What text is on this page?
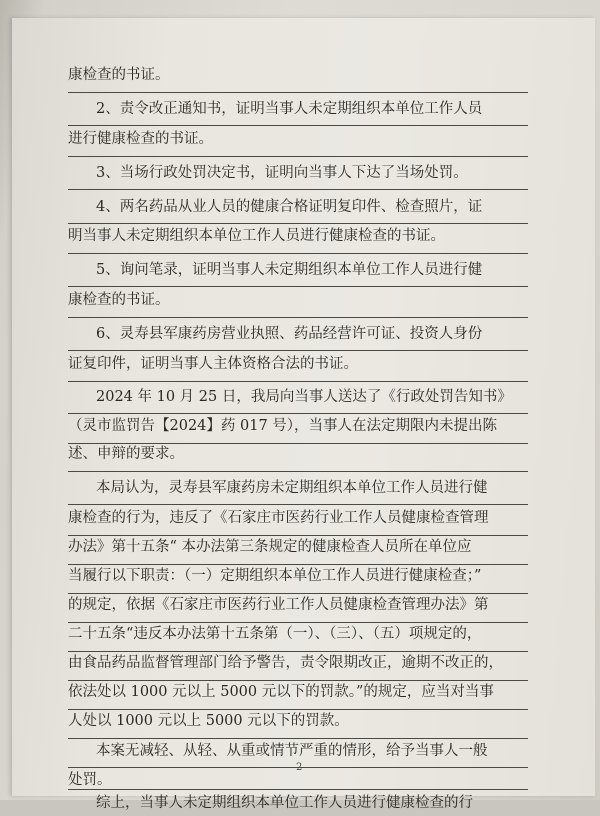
康检查的书证。
2、责令改正通知书，证明当事人未定期组织本单位工作人员
进行健康检查的书证。
3、当场行政处罚决定书，证明向当事人下达了当场处罚。
4、两名药品从业人员的健康合格证明复印件、检查照片，证
明当事人未定期组织本单位工作人员进行健康检查的书证。
5、询问笔录，证明当事人未定期组织本单位工作人员进行健
康检查的书证。
6、灵寿县军康药房营业执照、药品经营许可证、投资人身份
证复印件，证明当事人主体资格合法的书证。
2024 年 10 月 25 日，我局向当事人送达了《行政处罚告知书》
（灵市监罚告【2024】药 017 号），当事人在法定期限内未提出陈
述、申辩的要求。
本局认为，灵寿县军康药房未定期组织本单位工作人员进行健
康检查的行为，违反了《石家庄市医药行业工作人员健康检查管理
办法》第十五条“ 本办法第三条规定的健康检查人员所在单位应
当履行以下职责：（一）定期组织本单位工作人员进行健康检查；”
的规定，依据《石家庄市医药行业工作人员健康检查管理办法》第
二十五条“违反本办法第十五条第（一）、（三）、（五）项规定的，
由食品药品监督管理部门给予警告，责令限期改正，逾期不改正的，
依法处以 1000 元以上 5000 元以下的罚款。”的规定，应当对当事
人处以 1000 元以上 5000 元以下的罚款。
本案无减轻、从轻、从重或情节严重的情形，给予当事人一般
处罚。
综上，当事人未定期组织本单位工作人员进行健康检查的行
2
